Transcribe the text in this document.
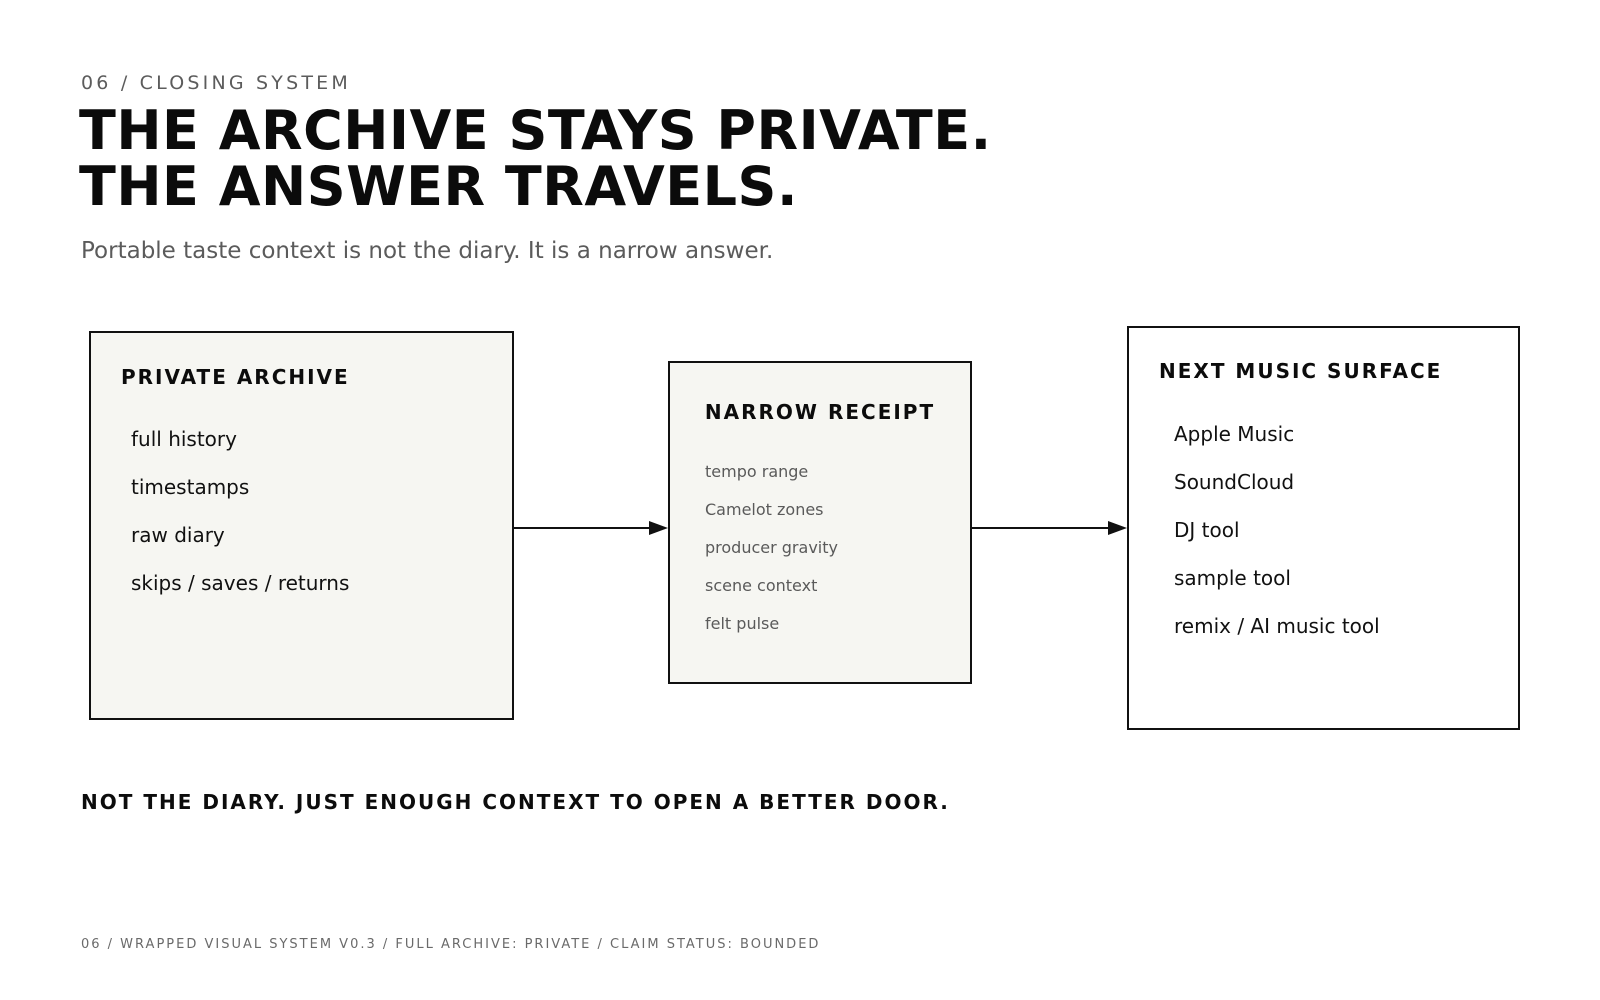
06 / CLOSING SYSTEM
THE ARCHIVE STAYS PRIVATE.
THE ANSWER TRAVELS.

Portable taste context is not the diary. It is a narrow answer.

PRIVATE ARCHIVE
full history
timestamps
raw diary
skips / saves / returns
NARROW RECEIPT
tempo range
Camelot zones
producer gravity
scene context
felt pulse
NEXT MUSIC SURFACE
Apple Music
SoundCloud
DJ tool
sample tool
remix / AI music tool

NOT THE DIARY. JUST ENOUGH CONTEXT TO OPEN A BETTER DOOR.

06 / WRAPPED VISUAL SYSTEM V0.3 / FULL ARCHIVE: PRIVATE / CLAIM STATUS: BOUNDED
